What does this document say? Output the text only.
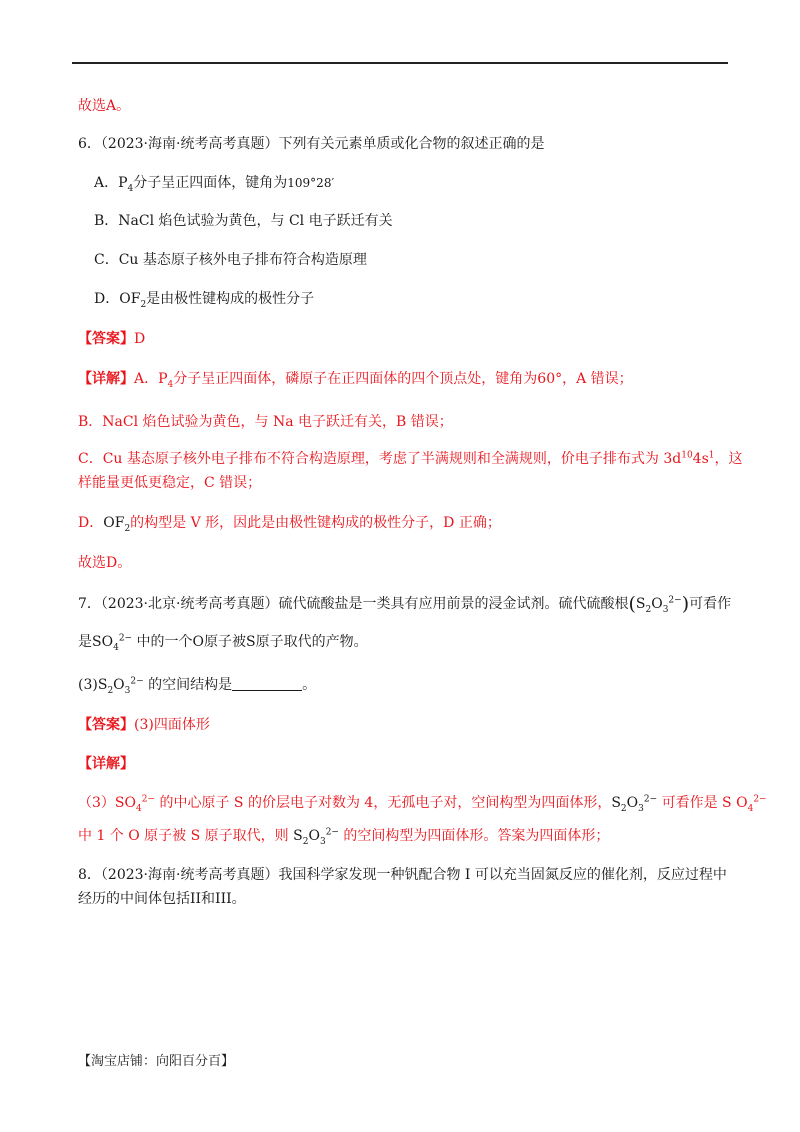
故选A。
6．（2023·海南·统考高考真题）下列有关元素单质或化合物的叙述正确的是
A．$P_4$分子呈正四面体，键角为109°28′
B．NaCl 焰色试验为黄色，与 Cl 电子跃迁有关
C．Cu 基态原子核外电子排布符合构造原理
D．$OF_2$是由极性键构成的极性分子
【答案】D
【详解】A．$P_4$分子呈正四面体，磷原子在正四面体的四个顶点处，键角为60°，A 错误；
B．NaCl 焰色试验为黄色，与 Na 电子跃迁有关，B 错误；
C．Cu 基态原子核外电子排布不符合构造原理，考虑了半满规则和全满规则，价电子排布式为 $3d^{10}4s^1$，这
样能量更低更稳定，C 错误；
D．$OF_2$的构型是 V 形，因此是由极性键构成的极性分子，D 正确；
故选D。
7．（2023·北京·统考高考真题）硫代硫酸盐是一类具有应用前景的浸金试剂。硫代硫酸根$(S_2O_3^{2-})$可看作
是$SO_4^{2-}$ 中的一个O原子被S原子取代的产物。
$(3)S_2O_3^{2-}$ 的空间结构是	。
【答案】(3)四面体形
【详解】
$(3)SO_4^{2-}$ 的中心原子 S 的价层电子对数为 4，无孤电子对，空间构型为四面体形，$S_2O_3^{2-}$ 可看作是 S $O_4^{2-}$
中 1 个 O 原子被 S 原子取代，则 $S_2O_3^{2-}$ 的空间构型为四面体形。答案为四面体形；
8．（2023·海南·统考高考真题）我国科学家发现一种钒配合物 I 可以充当固氮反应的催化剂，反应过程中
经历的中间体包括II和III。
【淘宝店铺：向阳百分百】
